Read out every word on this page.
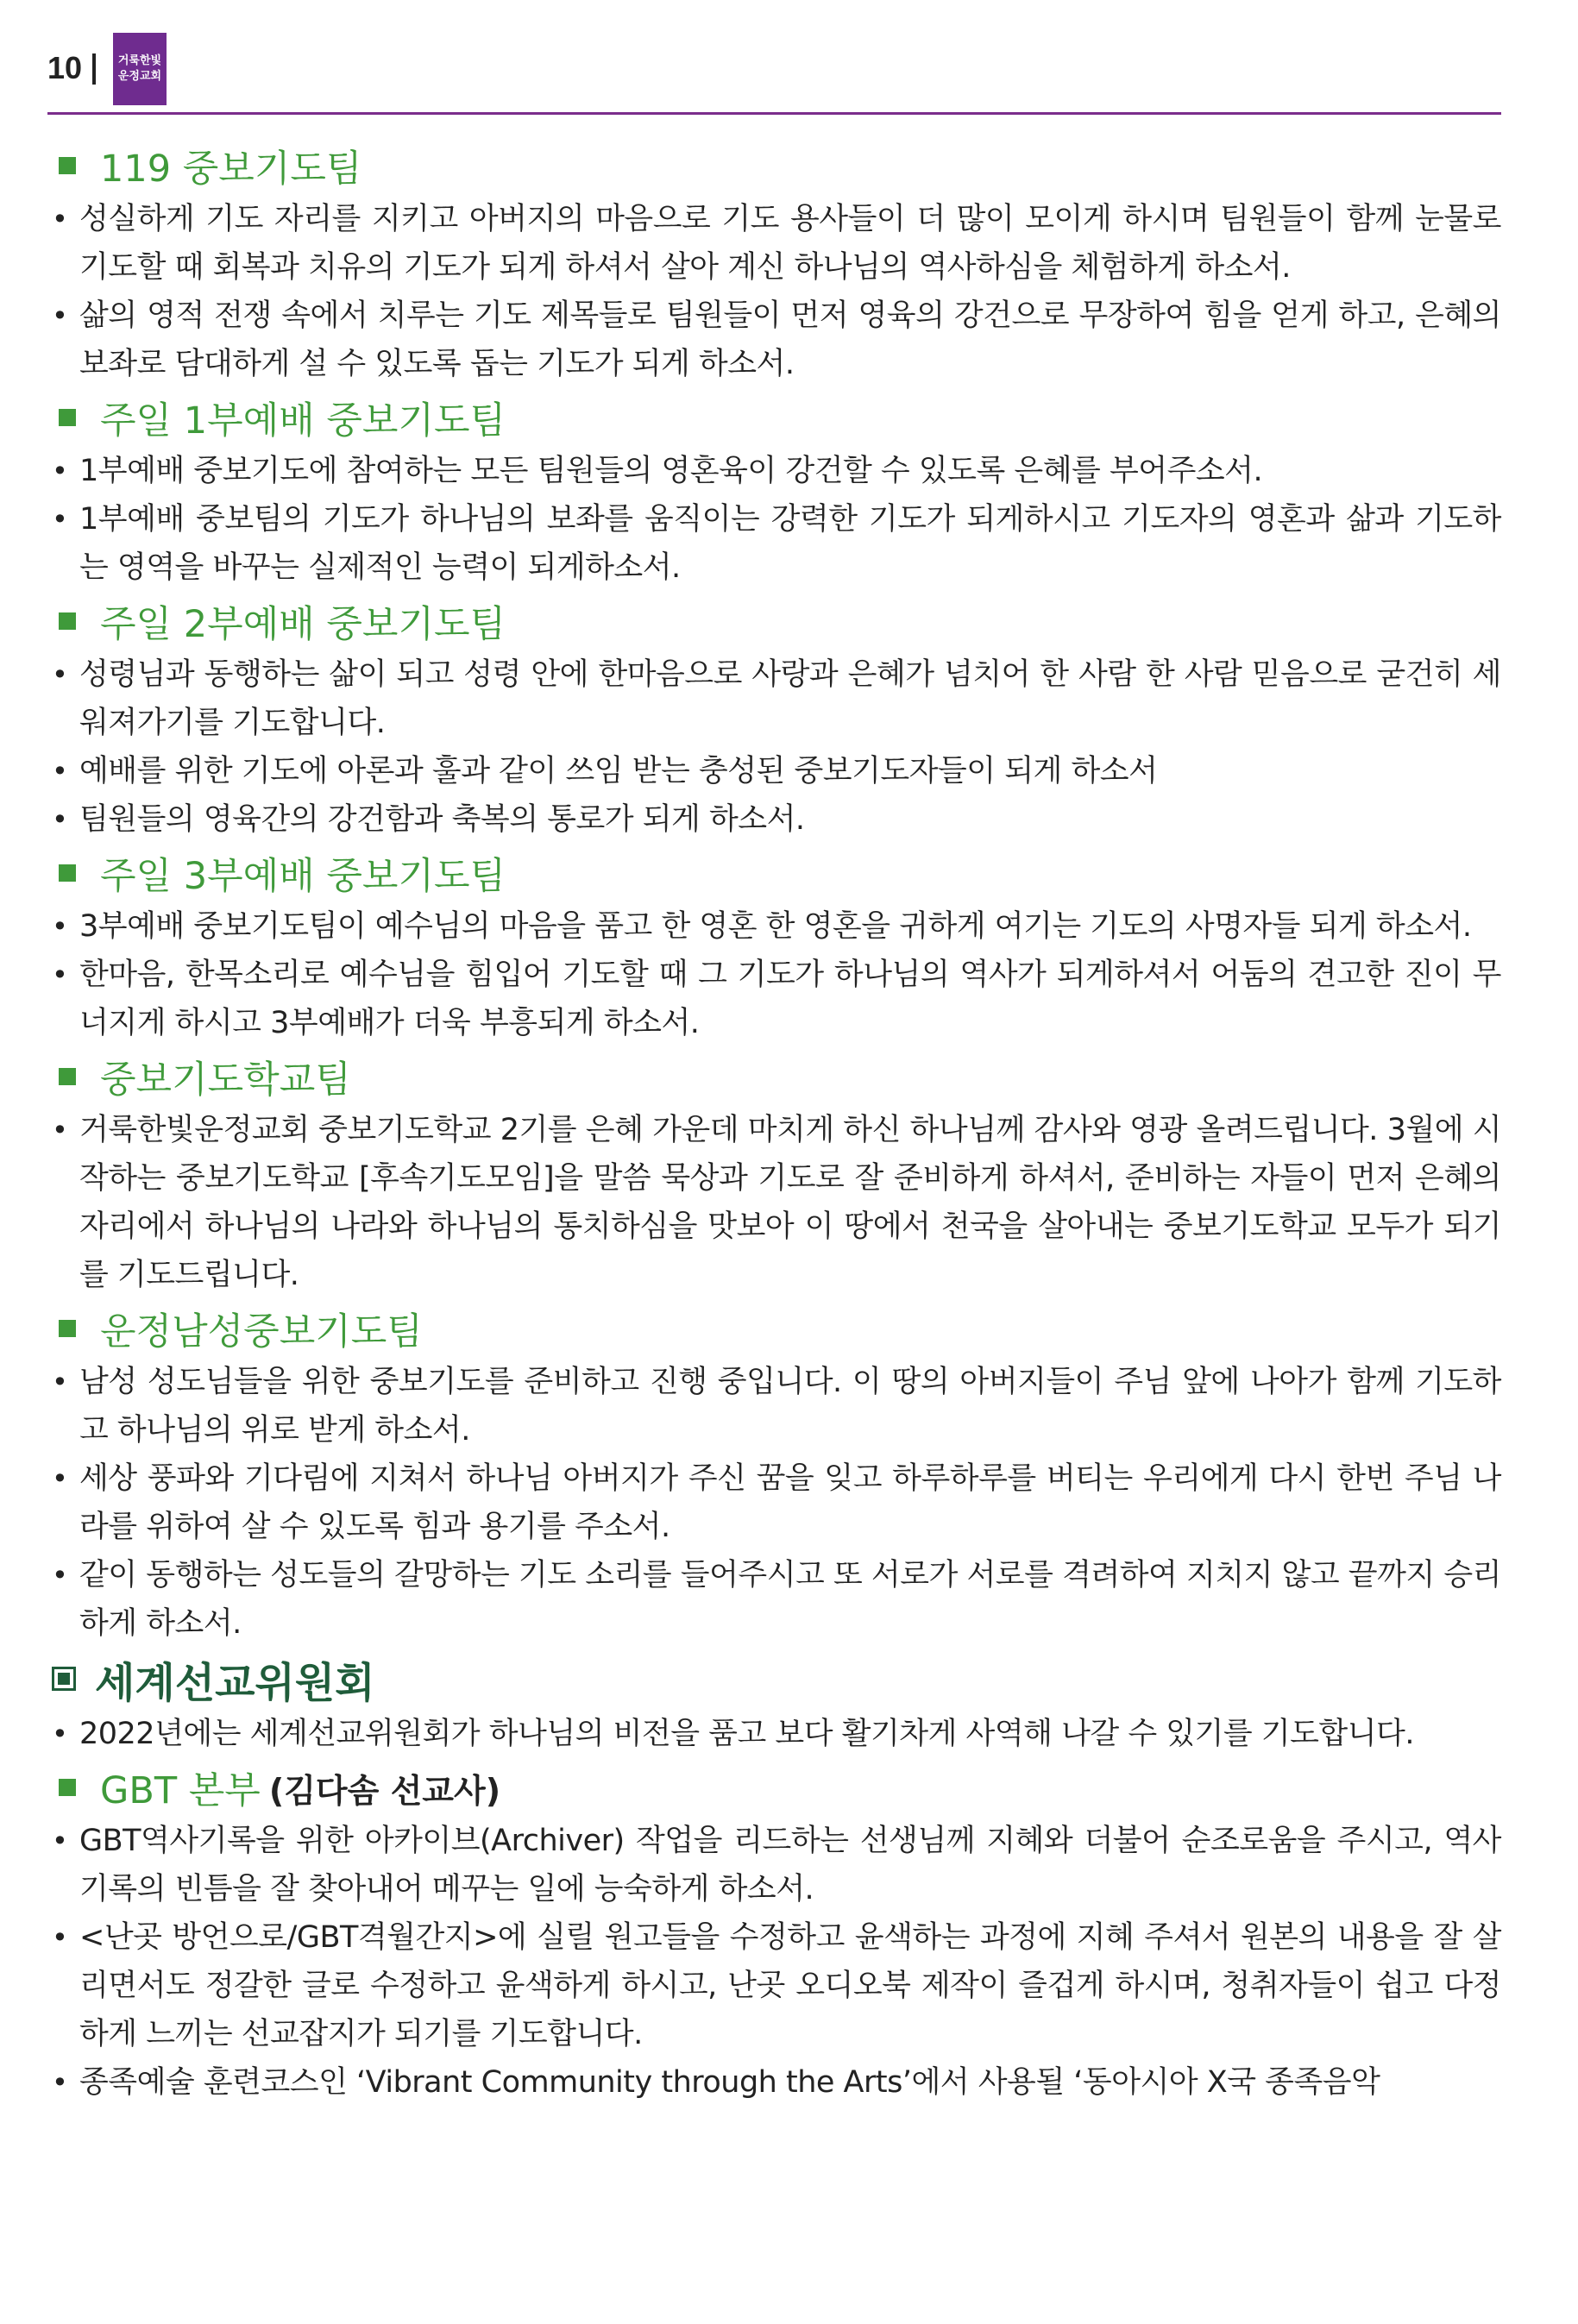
10	거룩한빛
운정교회
119 중보기도팀
• 성실하게 기도 자리를 지키고 아버지의 마음으로 기도 용사들이 더 많이 모이게 하시며 팀원들이 함께 눈물로 기도할 때 회복과 치유의 기도가 되게 하셔서 살아 계신 하나님의 역사하심을 체험하게 하소서.
• 삶의 영적 전쟁 속에서 치루는 기도 제목들로 팀원들이 먼저 영육의 강건으로 무장하여 힘을 얻게 하고, 은혜의 보좌로 담대하게 설 수 있도록 돕는 기도가 되게 하소서.
주일 1부예배 중보기도팀
• 1부예배 중보기도에 참여하는 모든 팀원들의 영혼육이 강건할 수 있도록 은혜를 부어주소서.
• 1부예배 중보팀의 기도가 하나님의 보좌를 움직이는 강력한 기도가 되게하시고 기도자의 영혼과 삶과 기도하는 영역을 바꾸는 실제적인 능력이 되게하소서.
주일 2부예배 중보기도팀
• 성령님과 동행하는 삶이 되고 성령 안에 한마음으로 사랑과 은혜가 넘치어 한 사람 한 사람 믿음으로 굳건히 세워져가기를 기도합니다.
• 예배를 위한 기도에 아론과 훌과 같이 쓰임 받는 충성된 중보기도자들이 되게 하소서
• 팀원들의 영육간의 강건함과 축복의 통로가 되게 하소서.
주일 3부예배 중보기도팀
• 3부예배 중보기도팀이 예수님의 마음을 품고 한 영혼 한 영혼을 귀하게 여기는 기도의 사명자들 되게 하소서.
• 한마음, 한목소리로 예수님을 힘입어 기도할 때 그 기도가 하나님의 역사가 되게하셔서 어둠의 견고한 진이 무너지게 하시고 3부예배가 더욱 부흥되게 하소서.
중보기도학교팀
• 거룩한빛운정교회 중보기도학교 2기를 은혜 가운데 마치게 하신 하나님께 감사와 영광 올려드립니다. 3월에 시작하는 중보기도학교 [후속기도모임]을 말씀 묵상과 기도로 잘 준비하게 하셔서, 준비하는 자들이 먼저 은혜의 자리에서 하나님의 나라와 하나님의 통치하심을 맛보아 이 땅에서 천국을 살아내는 중보기도학교 모두가 되기를 기도드립니다.
운정남성중보기도팀
• 남성 성도님들을 위한 중보기도를 준비하고 진행 중입니다. 이 땅의 아버지들이 주님 앞에 나아가 함께 기도하고 하나님의 위로 받게 하소서.
• 세상 풍파와 기다림에 지쳐서 하나님 아버지가 주신 꿈을 잊고 하루하루를 버티는 우리에게 다시 한번 주님 나라를 위하여 살 수 있도록 힘과 용기를 주소서.
• 같이 동행하는 성도들의 갈망하는 기도 소리를 들어주시고 또 서로가 서로를 격려하여 지치지 않고 끝까지 승리하게 하소서.
세계선교위원회
• 2022년에는 세계선교위원회가 하나님의 비전을 품고 보다 활기차게 사역해 나갈 수 있기를 기도합니다.
GBT 본부 (김다솜 선교사)
• GBT역사기록을 위한 아카이브(Archiver) 작업을 리드하는 선생님께 지혜와 더불어 순조로움을 주시고, 역사기록의 빈틈을 잘 찾아내어 메꾸는 일에 능숙하게 하소서.
• <난곳 방언으로/GBT격월간지>에 실릴 원고들을 수정하고 윤색하는 과정에 지혜 주셔서 원본의 내용을 잘 살리면서도 정갈한 글로 수정하고 윤색하게 하시고, 난곳 오디오북 제작이 즐겁게 하시며, 청취자들이 쉽고 다정하게 느끼는 선교잡지가 되기를 기도합니다.
• 종족예술 훈련코스인 ‘Vibrant Community through the Arts’에서 사용될 ‘동아시아 X국 종족음악
